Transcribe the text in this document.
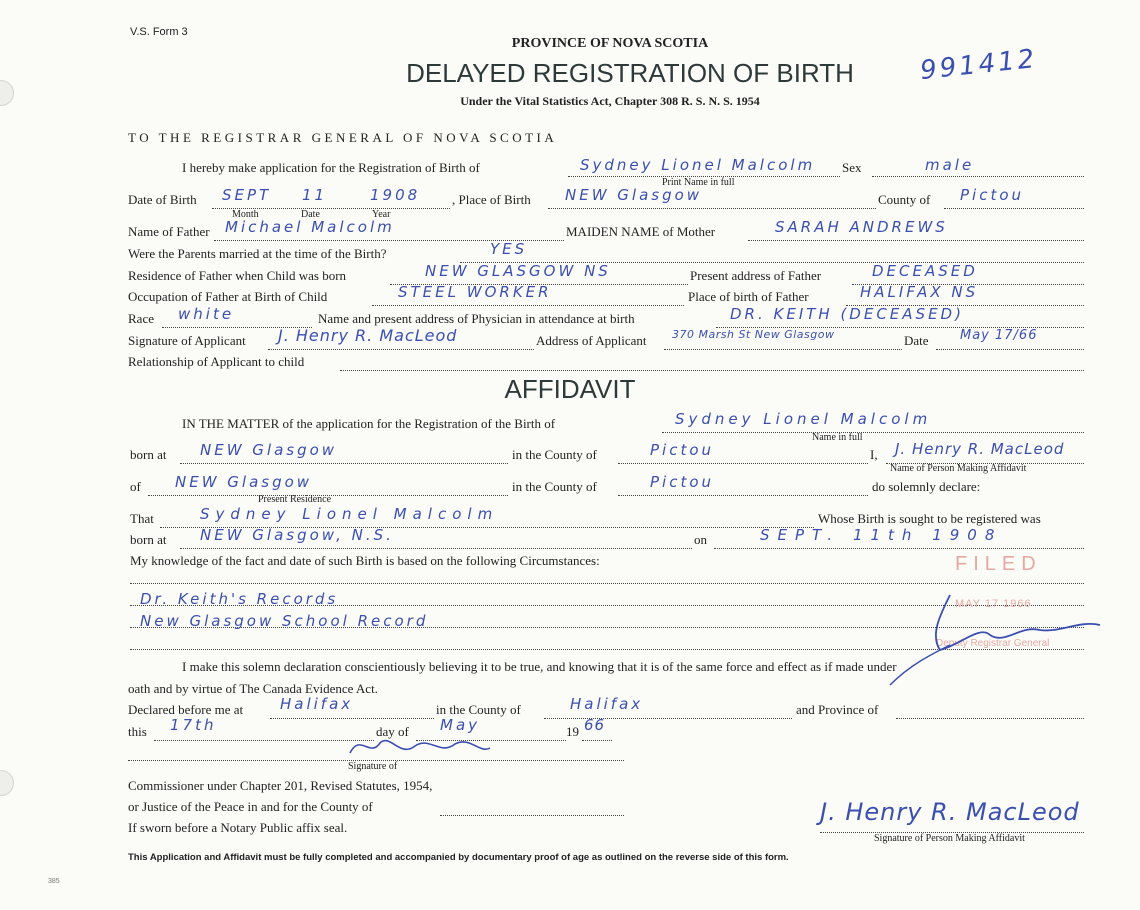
V.S. Form 3
PROVINCE OF NOVA SCOTIA
DELAYED REGISTRATION OF BIRTH
Under the Vital Statistics Act, Chapter 308 R. S. N. S. 1954
991412
TO THE REGISTRAR GENERAL OF NOVA SCOTIA
I hereby make application for the Registration of Birth of	Sydney Lionel Malcolm Sex	male
Print Name in full
Date of Birth SEPT 11	1908 , Place of Birth NEW Glasgow	County of Pictou
Month	Date	Year
Name of Father Michael Malcolm	MAIDEN NAME of Mother	SARAH ANDREWS
Were the Parents married at the time of the Birth?	YES
Residence of Father when Child was born	NEW GLASGOW NS	Present address of Father	DECEASED
Occupation of Father at Birth of Child	STEEL WORKER	Place of birth of Father	HALIFAX NS
Race white	Name and present address of Physician in attendance at birth	DR. KEITH (DECEASED)
Signature of Applicant J. Henry R. MacLeod	Address of Applicant 370 Marsh St New Glasgow	Date May 17/66
Relationship of Applicant to child
AFFIDAVIT
IN THE MATTER of the application for the Registration of the Birth of	Sydney Lionel Malcolm
Name in full
born at NEW Glasgow	in the County of	Pictou	I, J. Henry R. MacLeod
Name of Person Making Affidavit
of NEW Glasgow	in the County of	Pictou	do solemnly declare:
Present Residence
That	Sydney Lionel Malcolm	Whose Birth is sought to be registered was
born at NEW Glasgow, N.S.	on	SEPT. 11th 1908
My knowledge of the fact and date of such Birth is based on the following Circumstances:
Dr. Keith's Records
New Glasgow School Record
FILED
MAY 17 1966
Deputy Registrar General
I make this solemn declaration conscientiously believing it to be true, and knowing that it is of the same force and effect as if made under
oath and by virtue of The Canada Evidence Act.
Declared before me at Halifax	in the County of	Halifax	and Province of
this 17th	day of May	19 66
Signature of
Commissioner under Chapter 201, Revised Statutes, 1954,
or Justice of the Peace in and for the County of
If sworn before a Notary Public affix seal.
J. Henry R. MacLeod
Signature of Person Making Affidavit
This Application and Affidavit must be fully completed and accompanied by documentary proof of age as outlined on the reverse side of this form.
385
